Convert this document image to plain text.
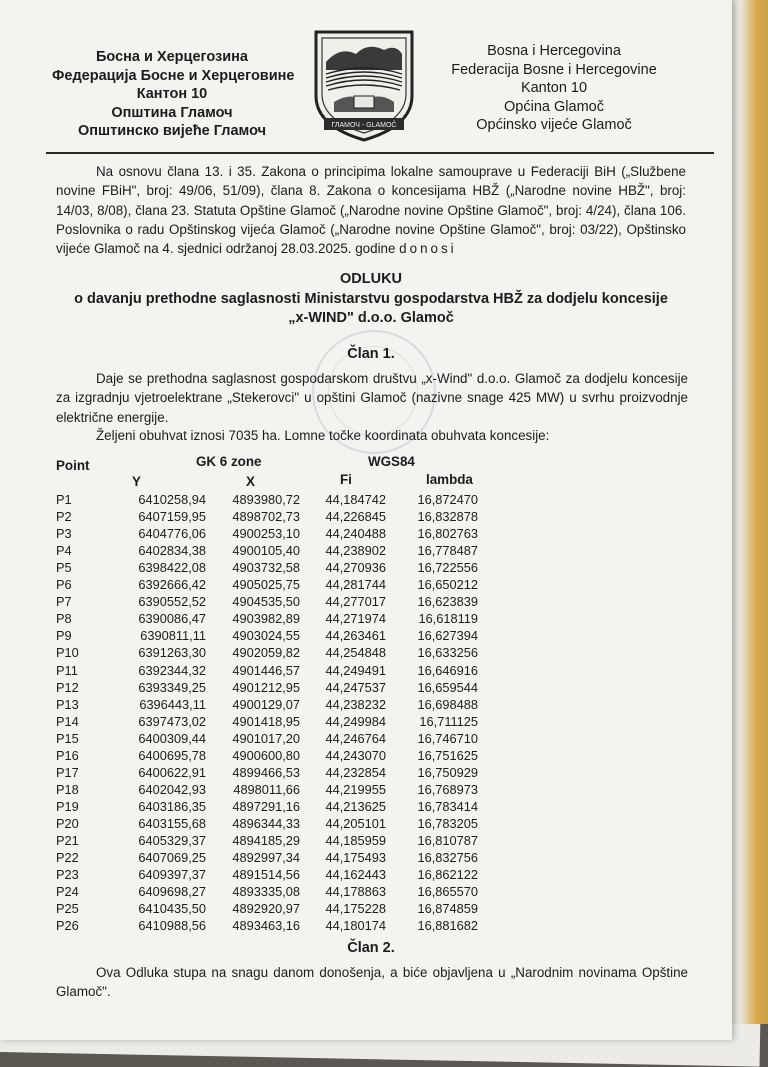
Босна и Херцегозина
Федерација Босне и Херцеговине
Кантон 10
Општина Гламоч
Општинско вијеће Гламоч	ГЛАМОЧ - GLAMOČ
Bosna i Hercegovina
Federacija Bosne i Hercegovine
Kanton 10
Općina Glamoč
Općinsko vijeće Glamoč
Na osnovu člana 13. i 35. Zakona o principima lokalne samouprave u Federaciji BiH („Službene novine FBiH", broj: 49/06, 51/09), člana 8. Zakona o koncesijama HBŽ („Narodne novine HBŽ", broj: 14/03, 8/08), člana 23. Statuta Opštine Glamoč („Narodne novine Opštine Glamoč", broj: 4/24), člana 106. Poslovnika o radu Opštinskog vijeća Glamoč („Narodne novine Opštine Glamoč", broj: 03/22), Opštinsko vijeće Glamoč na 4. sjednici održanoj 28.03.2025. godine donosi
ODLUKU
o davanju prethodne saglasnosti Ministarstvu gospodarstva HBŽ za dodjelu koncesije
„x-WIND" d.o.o. Glamoč
Član 1.
Daje se prethodna saglasnost gospodarskom društvu „x-Wind" d.o.o. Glamoč za dodjelu koncesije za izgradnju vjetroelektrane „Stekerovci" u opštini Glamoč (nazivne snage 425 MW) u svrhu proizvodnje električne energije.
Željeni obuhvat iznosi 7035 ha. Lomne točke koordinata obuhvata koncesije:
Point	GK 6 zone	WGS84
Y	X	Fi	lambda
P1	6410258,94	4893980,72	44,184742	16,872470
P2	6407159,95	4898702,73	44,226845	16,832878
P3	6404776,06	4900253,10	44,240488	16,802763
P4	6402834,38	4900105,40	44,238902	16,778487
P5	6398422,08	4903732,58	44,270936	16,722556
P6	6392666,42	4905025,75	44,281744	16,650212
P7	6390552,52	4904535,50	44,277017	16,623839
P8	6390086,47	4903982,89	44,271974	16,618119
P9	6390811,11	4903024,55	44,263461	16,627394
P10	6391263,30	4902059,82	44,254848	16,633256
P11	6392344,32	4901446,57	44,249491	16,646916
P12	6393349,25	4901212,95	44,247537	16,659544
P13	6396443,11	4900129,07	44,238232	16,698488
P14	6397473,02	4901418,95	44,249984	16,711125
P15	6400309,44	4901017,20	44,246764	16,746710
P16	6400695,78	4900600,80	44,243070	16,751625
P17	6400622,91	4899466,53	44,232854	16,750929
P18	6402042,93	4898011,66	44,219955	16,768973
P19	6403186,35	4897291,16	44,213625	16,783414
P20	6403155,68	4896344,33	44,205101	16,783205
P21	6405329,37	4894185,29	44,185959	16,810787
P22	6407069,25	4892997,34	44,175493	16,832756
P23	6409397,37	4891514,56	44,162443	16,862122
P24	6409698,27	4893335,08	44,178863	16,865570
P25	6410435,50	4892920,97	44,175228	16,874859
P26	6410988,56	4893463,16	44,180174	16,881682
Član 2.
Ova Odluka stupa na snagu danom donošenja, a biće objavljena u „Narodnim novinama Opštine Glamoč".
